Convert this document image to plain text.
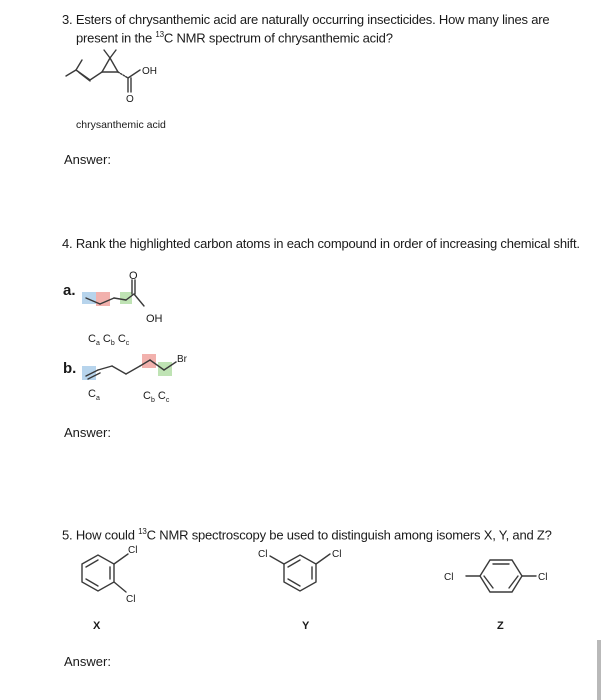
3. Esters of chrysanthemic acid are naturally occurring insecticides. How many lines are
present in the $^{13}$C NMR spectrum of chrysanthemic acid?
OH
O
chrysanthemic acid
Answer:
4. Rank the highlighted carbon atoms in each compound in order of increasing chemical shift.
a.
O
OH
$C_a$ $C_b$ $C_c$
b.
Br
$C_a$	$C_b$ $C_c$
Answer:
5. How could $^{13}$C NMR spectroscopy be used to distinguish among isomers X, Y, and Z?
Cl
Cl
Cl	Cl
Cl	Cl
X	Y	Z
Answer:
